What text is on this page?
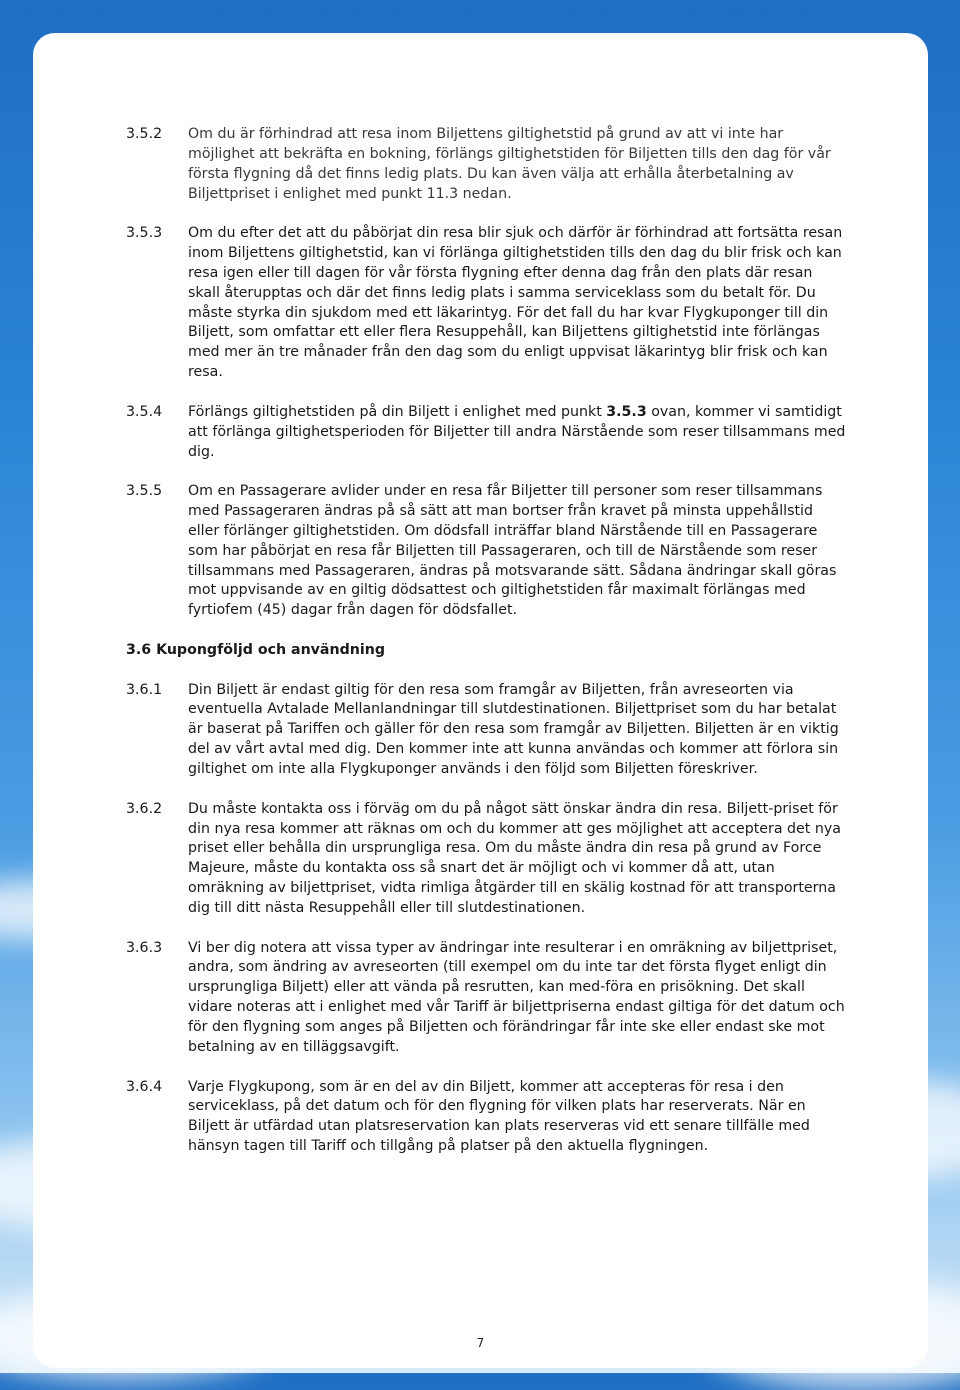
3.5.2	Om du är förhindrad att resa inom Biljettens giltighetstid på grund av att vi inte har möjlighet att bekräfta en bokning, förlängs giltighetstiden för Biljetten tills den dag för vår första flygning då det finns ledig plats. Du kan även välja att erhålla återbetalning av Biljettpriset i enlighet med punkt 11.3 nedan.
3.5.3	Om du efter det att du påbörjat din resa blir sjuk och därför är förhindrad att fortsätta resan inom Biljettens giltighetstid, kan vi förlänga giltighetstiden tills den dag du blir frisk och kan resa igen eller till dagen för vår första flygning efter denna dag från den plats där resan skall återupptas och där det finns ledig plats i samma serviceklass som du betalt för. Du måste styrka din sjukdom med ett läkarintyg. För det fall du har kvar Flygkuponger till din Biljett, som omfattar ett eller flera Resuppehåll, kan Biljettens giltighetstid inte förlängas med mer än tre månader från den dag som du enligt uppvisat läkarintyg blir frisk och kan resa.
3.5.4	Förlängs giltighetstiden på din Biljett i enlighet med punkt 3.5.3 ovan, kommer vi samtidigt att förlänga giltighetsperioden för Biljetter till andra Närstående som reser tillsammans med dig.
3.5.5	Om en Passagerare avlider under en resa får Biljetter till personer som reser tillsammans med Passageraren ändras på så sätt att man bortser från kravet på minsta uppehållstid eller förlänger giltighetstiden. Om dödsfall inträffar bland Närstående till en Passagerare som har påbörjat en resa får Biljetten till Passageraren, och till de Närstående som reser tillsammans med Passageraren, ändras på motsvarande sätt. Sådana ändringar skall göras mot uppvisande av en giltig dödsattest och giltighetstiden får maximalt förlängas med fyrtiofem (45) dagar från dagen för dödsfallet.
3.6 Kupongföljd och användning
3.6.1	Din Biljett är endast giltig för den resa som framgår av Biljetten, från avreseorten via eventuella Avtalade Mellanlandningar till slutdestinationen. Biljettpriset som du har betalat är baserat på Tariffen och gäller för den resa som framgår av Biljetten. Biljetten är en viktig del av vårt avtal med dig. Den kommer inte att kunna användas och kommer att förlora sin giltighet om inte alla Flygkuponger används i den följd som Biljetten föreskriver.
3.6.2	Du måste kontakta oss i förväg om du på något sätt önskar ändra din resa. Biljett-priset för din nya resa kommer att räknas om och du kommer att ges möjlighet att acceptera det nya priset eller behålla din ursprungliga resa. Om du måste ändra din resa på grund av Force Majeure, måste du kontakta oss så snart det är möjligt och vi kommer då att, utan omräkning av biljettpriset, vidta rimliga åtgärder till en skälig kostnad för att transporterna dig till ditt nästa Resuppehåll eller till slutdestinationen.
3.6.3	Vi ber dig notera att vissa typer av ändringar inte resulterar i en omräkning av biljettpriset, andra, som ändring av avreseorten (till exempel om du inte tar det första flyget enligt din ursprungliga Biljett) eller att vända på resrutten, kan med-föra en prisökning. Det skall vidare noteras att i enlighet med vår Tariff är biljettpriserna endast giltiga för det datum och för den flygning som anges på Biljetten och förändringar får inte ske eller endast ske mot betalning av en tilläggsavgift.
3.6.4	Varje Flygkupong, som är en del av din Biljett, kommer att accepteras för resa i den serviceklass, på det datum och för den flygning för vilken plats har reserverats. När en Biljett är utfärdad utan platsreservation kan plats reserveras vid ett senare tillfälle med hänsyn tagen till Tariff och tillgång på platser på den aktuella flygningen.
7
